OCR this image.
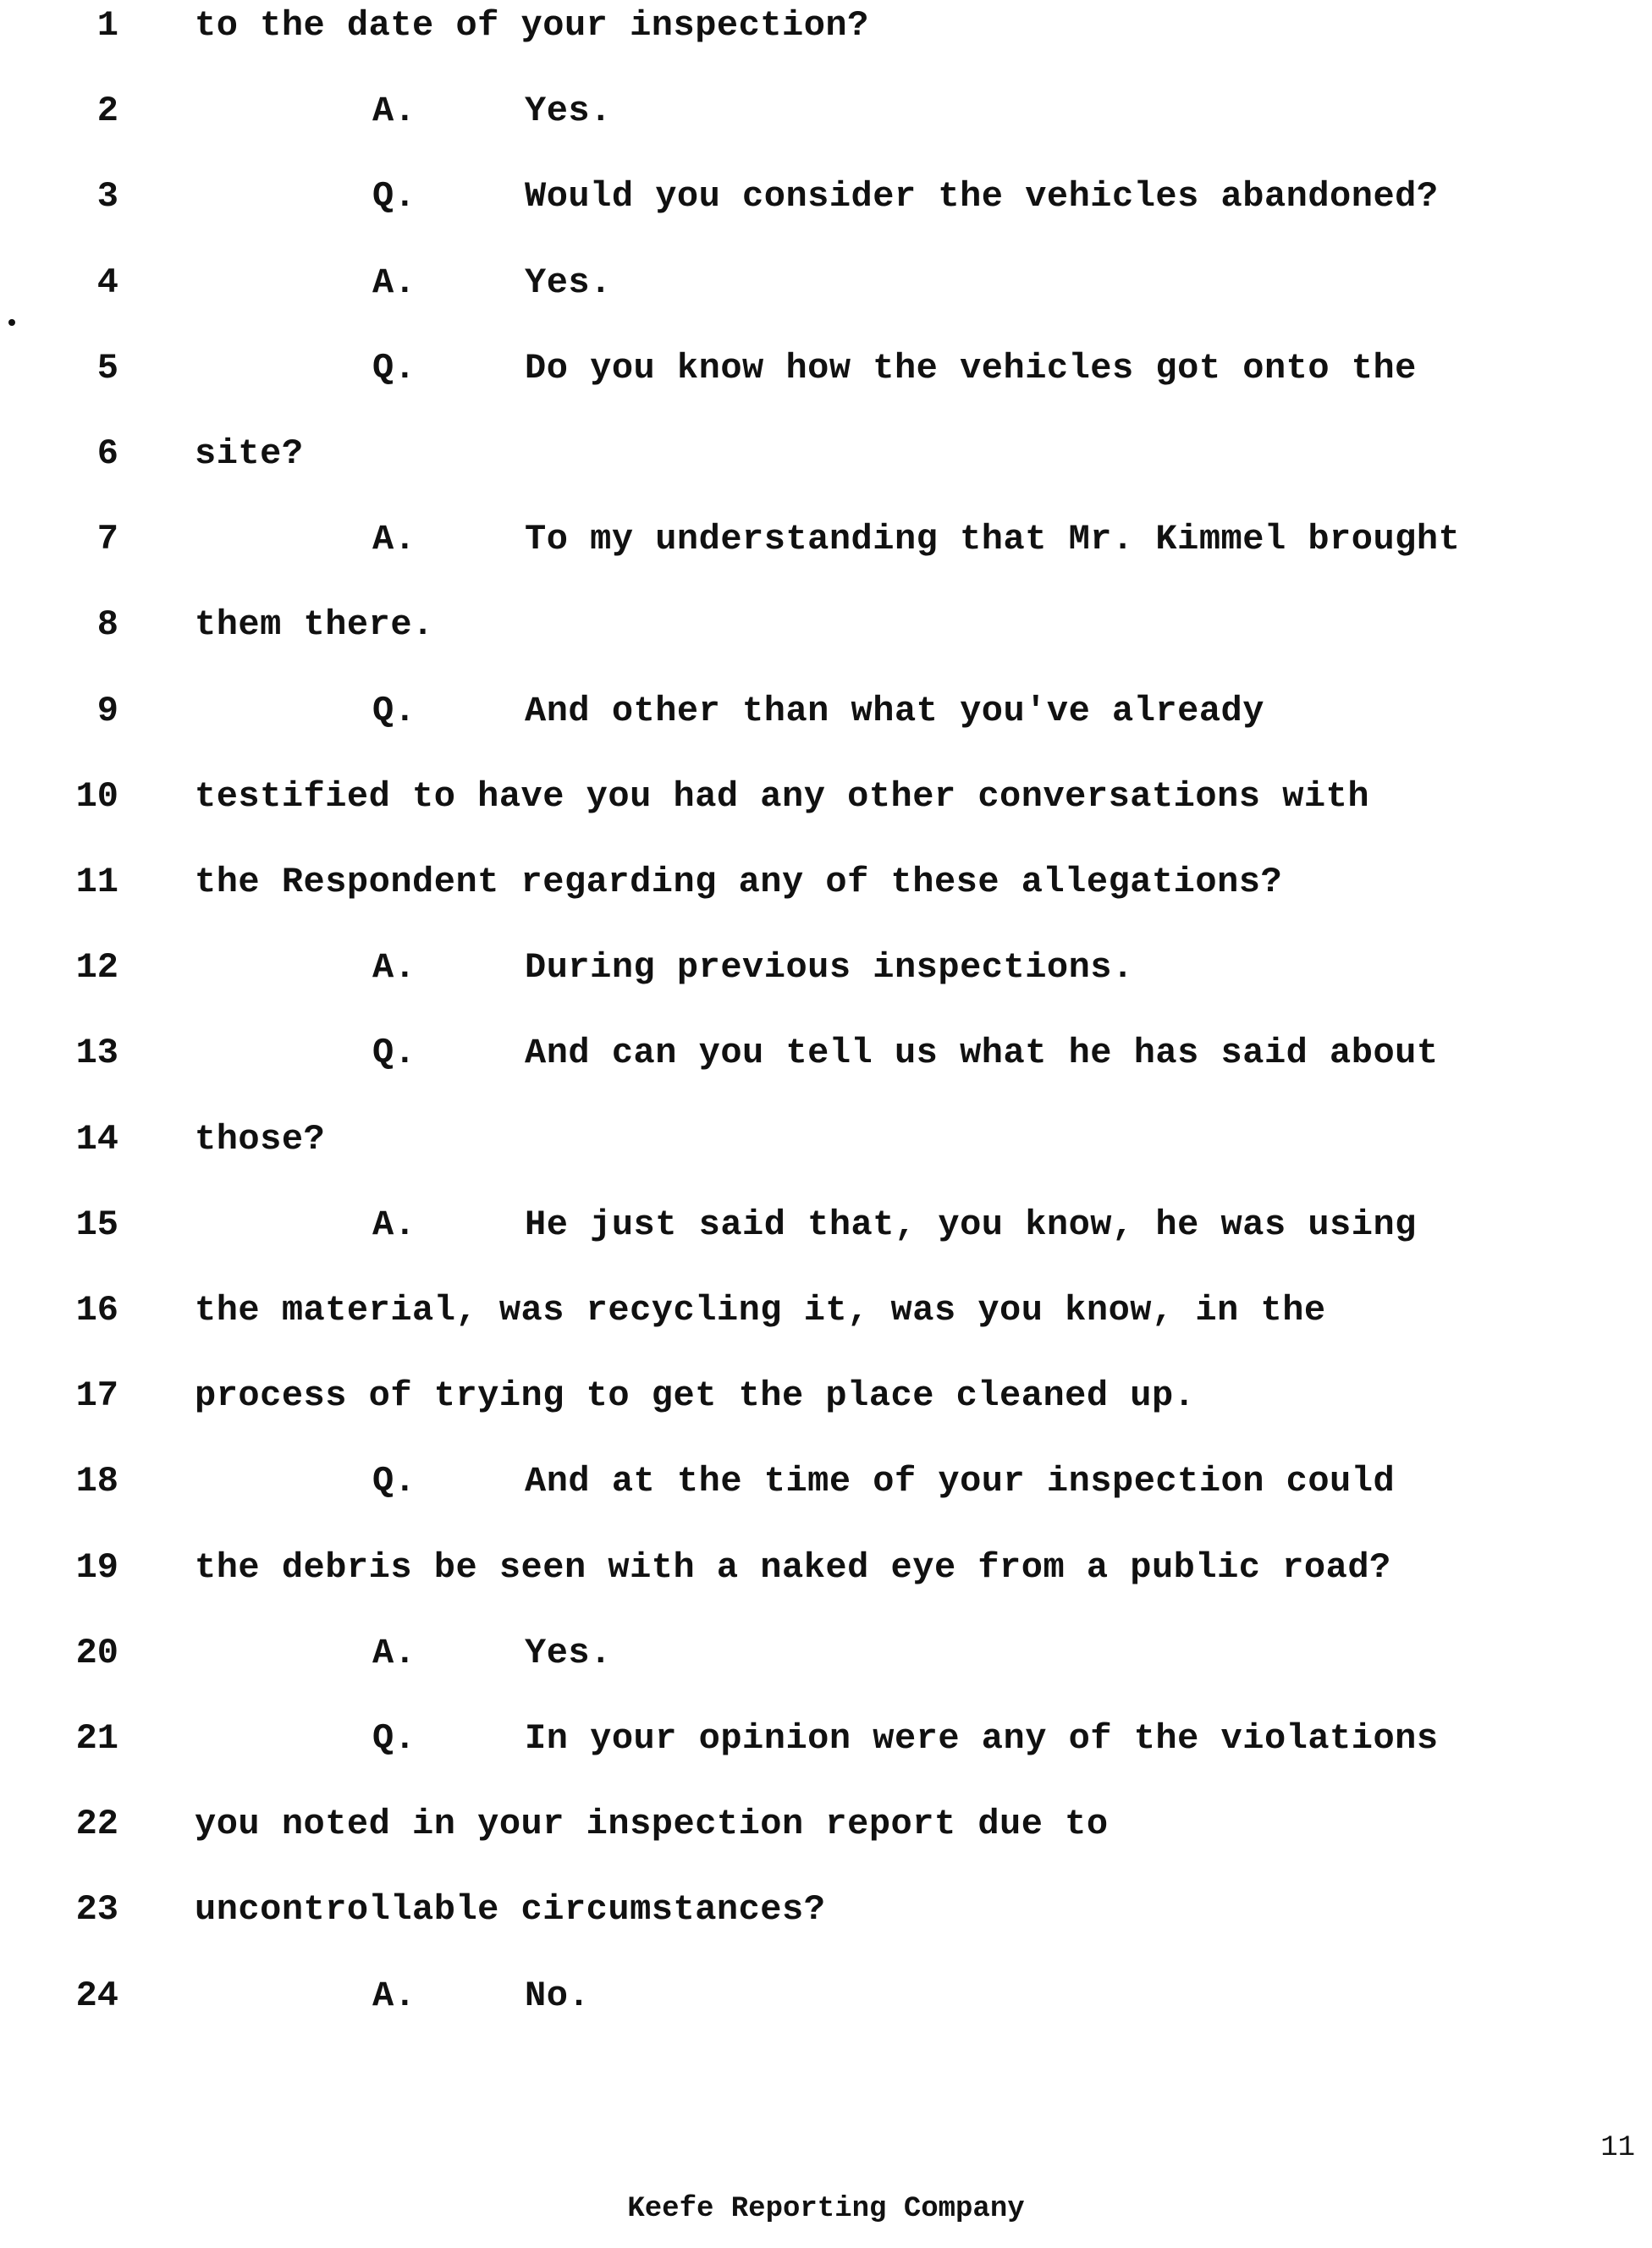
1 to the date of your inspection?
2	A.	Yes.
3	Q.	Would you consider the vehicles abandoned?
4	A.	Yes.
5	Q.	Do you know how the vehicles got onto the
6 site?
7	A.	To my understanding that Mr. Kimmel brought
8 them there.
9	Q.	And other than what you've already
10 testified to have you had any other conversations with
11 the Respondent regarding any of these allegations?
12	A.	During previous inspections.
13	Q.	And can you tell us what he has said about
14 those?
15	A.	He just said that, you know, he was using
16 the material, was recycling it, was you know, in the
17 process of trying to get the place cleaned up.
18	Q.	And at the time of your inspection could
19 the debris be seen with a naked eye from a public road?
20	A.	Yes.
21	Q.	In your opinion were any of the violations
22 you noted in your inspection report due to
23 uncontrollable circumstances?
24	A.	No.
11
Keefe Reporting Company
